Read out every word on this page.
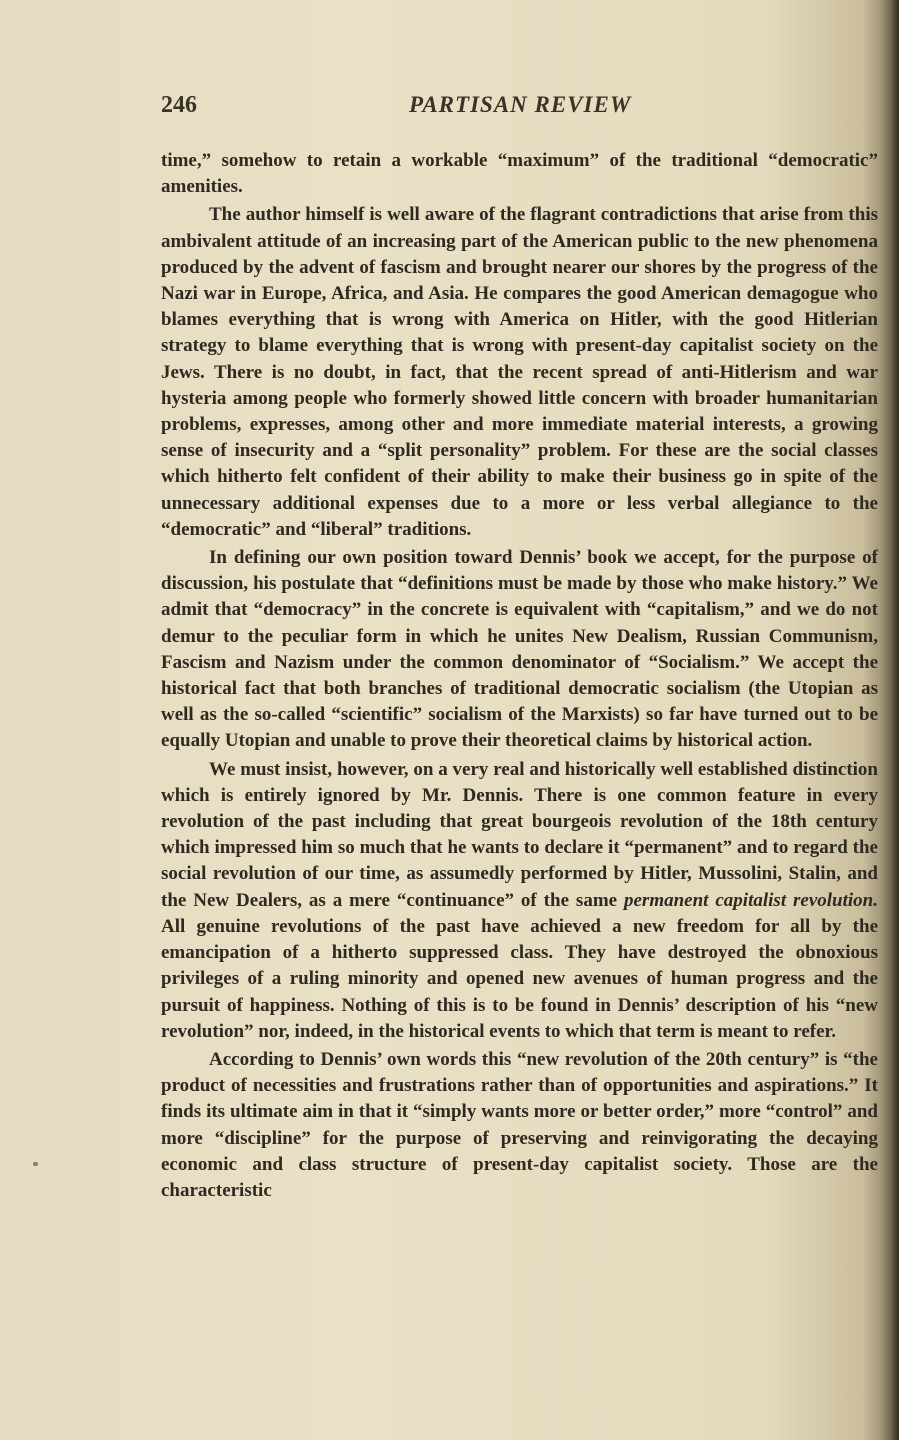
246	PARTISAN REVIEW

time,” somehow to retain a workable “maximum” of the traditional “democratic” amenities.

The author himself is well aware of the flagrant contradictions that arise from this ambivalent attitude of an increasing part of the American public to the new phenomena produced by the advent of fascism and brought nearer our shores by the progress of the Nazi war in Europe, Africa, and Asia. He compares the good American demagogue who blames everything that is wrong with America on Hitler, with the good Hitlerian strategy to blame everything that is wrong with present-day capitalist society on the Jews. There is no doubt, in fact, that the recent spread of anti-Hitlerism and war hysteria among people who formerly showed little concern with broader humanitarian problems, expresses, among other and more immediate material interests, a growing sense of insecurity and a “split personality” problem. For these are the social classes which hitherto felt confident of their ability to make their business go in spite of the unnecessary additional expenses due to a more or less verbal allegiance to the “democratic” and “liberal” traditions.

In defining our own position toward Dennis’ book we accept, for the purpose of discussion, his postulate that “definitions must be made by those who make history.” We admit that “democracy” in the concrete is equivalent with “capitalism,” and we do not demur to the peculiar form in which he unites New Dealism, Russian Communism, Fascism and Nazism under the common denominator of “Socialism.” We accept the historical fact that both branches of traditional democratic socialism (the Utopian as well as the so-called “scientific” socialism of the Marxists) so far have turned out to be equally Utopian and unable to prove their theoretical claims by historical action.

We must insist, however, on a very real and historically well established distinction which is entirely ignored by Mr. Dennis. There is one common feature in every revolution of the past including that great bourgeois revolution of the 18th century which impressed him so much that he wants to declare it “permanent” and to regard the social revolution of our time, as assumedly performed by Hitler, Mussolini, Stalin, and the New Dealers, as a mere “continuance” of the same permanent capitalist revolution. All genuine revolutions of the past have achieved a new freedom for all by the emancipation of a hitherto suppressed class. They have destroyed the obnoxious privileges of a ruling minority and opened new avenues of human progress and the pursuit of happiness. Nothing of this is to be found in Dennis’ description of his “new revolution” nor, indeed, in the historical events to which that term is meant to refer.

According to Dennis’ own words this “new revolution of the 20th century” is “the product of necessities and frustrations rather than of opportunities and aspirations.” It finds its ultimate aim in that it “simply wants more or better order,” more “control” and more “discipline” for the purpose of preserving and reinvigorating the decaying economic and class structure of present-day capitalist society. Those are the characteristic
